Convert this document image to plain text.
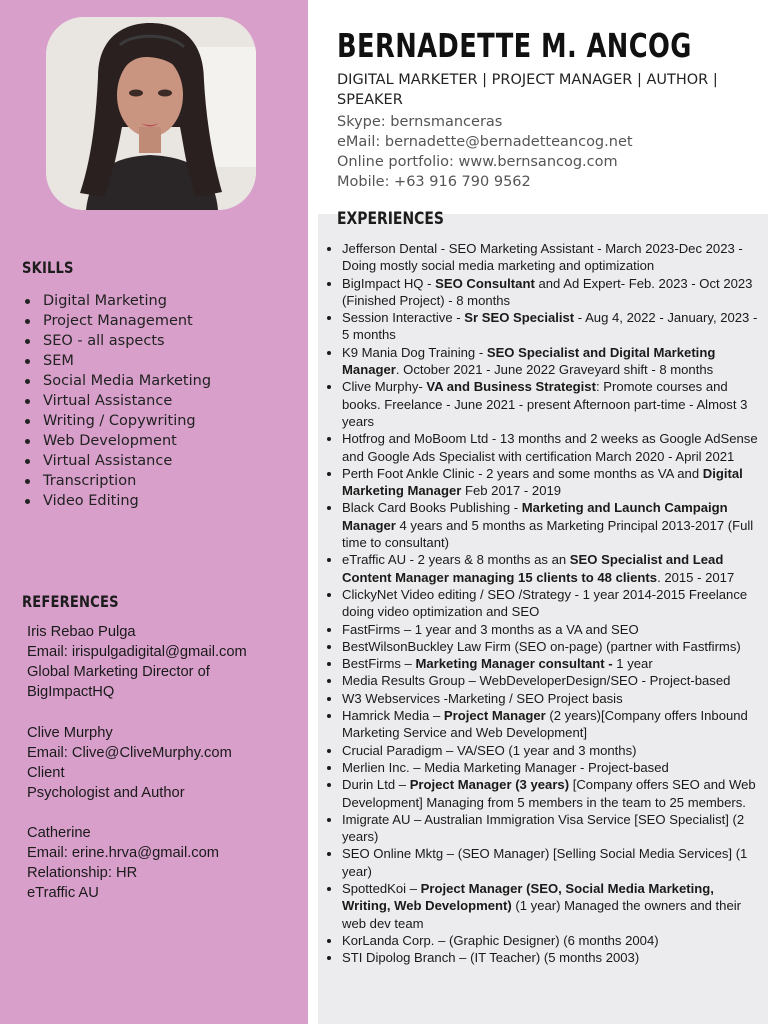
SKILLS
Digital Marketing
Project Management
SEO - all aspects
SEM
Social Media Marketing
Virtual Assistance
Writing / Copywriting
Web Development
Virtual Assistance
Transcription
Video Editing
REFERENCES
Iris Rebao Pulga
Email: irispulgadigital@gmail.com
Global Marketing Director of
BigImpactHQ
Clive Murphy
Email: Clive@CliveMurphy.com
Client
Psychologist and Author
Catherine
Email: erine.hrva@gmail.com
Relationship: HR
eTraffic AU
BERNADETTE M. ANCOG
DIGITAL MARKETER | PROJECT MANAGER | AUTHOR | SPEAKER
Skype: bernsmanceras
eMail: bernadette@bernadetteancog.net
Online portfolio: www.bernsancog.com
Mobile: +63 916 790 9562
EXPERIENCES
Jefferson Dental - SEO Marketing Assistant - March 2023-Dec 2023 - Doing mostly social media marketing and optimization
BigImpact HQ - SEO Consultant and Ad Expert- Feb. 2023 - Oct 2023 (Finished Project) - 8 months
Session Interactive - Sr SEO Specialist - Aug 4, 2022 - January, 2023 - 5 months
K9 Mania Dog Training - SEO Specialist and Digital Marketing Manager. October 2021 - June 2022 Graveyard shift - 8 months
Clive Murphy- VA and Business Strategist: Promote courses and books. Freelance - June 2021 - present Afternoon part-time - Almost 3 years
Hotfrog and MoBoom Ltd - 13 months and 2 weeks as Google AdSense and Google Ads Specialist with certification March 2020 - April 2021
Perth Foot Ankle Clinic - 2 years and some months as VA and Digital Marketing Manager Feb 2017 - 2019
Black Card Books Publishing - Marketing and Launch Campaign Manager 4 years and 5 months as Marketing Principal 2013-2017 (Full time to consultant)
eTraffic AU - 2 years & 8 months as an SEO Specialist and Lead Content Manager managing 15 clients to 48 clients. 2015 - 2017
ClickyNet Video editing / SEO /Strategy - 1 year 2014-2015 Freelance doing video optimization and SEO
FastFirms – 1 year and 3 months as a VA and SEO
BestWilsonBuckley Law Firm (SEO on-page) (partner with Fastfirms)
BestFirms – Marketing Manager consultant - 1 year
Media Results Group – WebDeveloperDesign/SEO - Project-based
W3 Webservices -Marketing / SEO Project basis
Hamrick Media – Project Manager (2 years)[Company offers Inbound Marketing Service and Web Development]
Crucial Paradigm – VA/SEO (1 year and 3 months)
Merlien Inc. – Media Marketing Manager - Project-based
Durin Ltd – Project Manager (3 years) [Company offers SEO and Web Development] Managing from 5 members in the team to 25 members.
Imigrate AU – Australian Immigration Visa Service [SEO Specialist] (2 years)
SEO Online Mktg – (SEO Manager) [Selling Social Media Services] (1 year)
SpottedKoi – Project Manager (SEO, Social Media Marketing, Writing, Web Development) (1 year) Managed the owners and their web dev team
KorLanda Corp. – (Graphic Designer) (6 months 2004)
STI Dipolog Branch – (IT Teacher) (5 months 2003)
